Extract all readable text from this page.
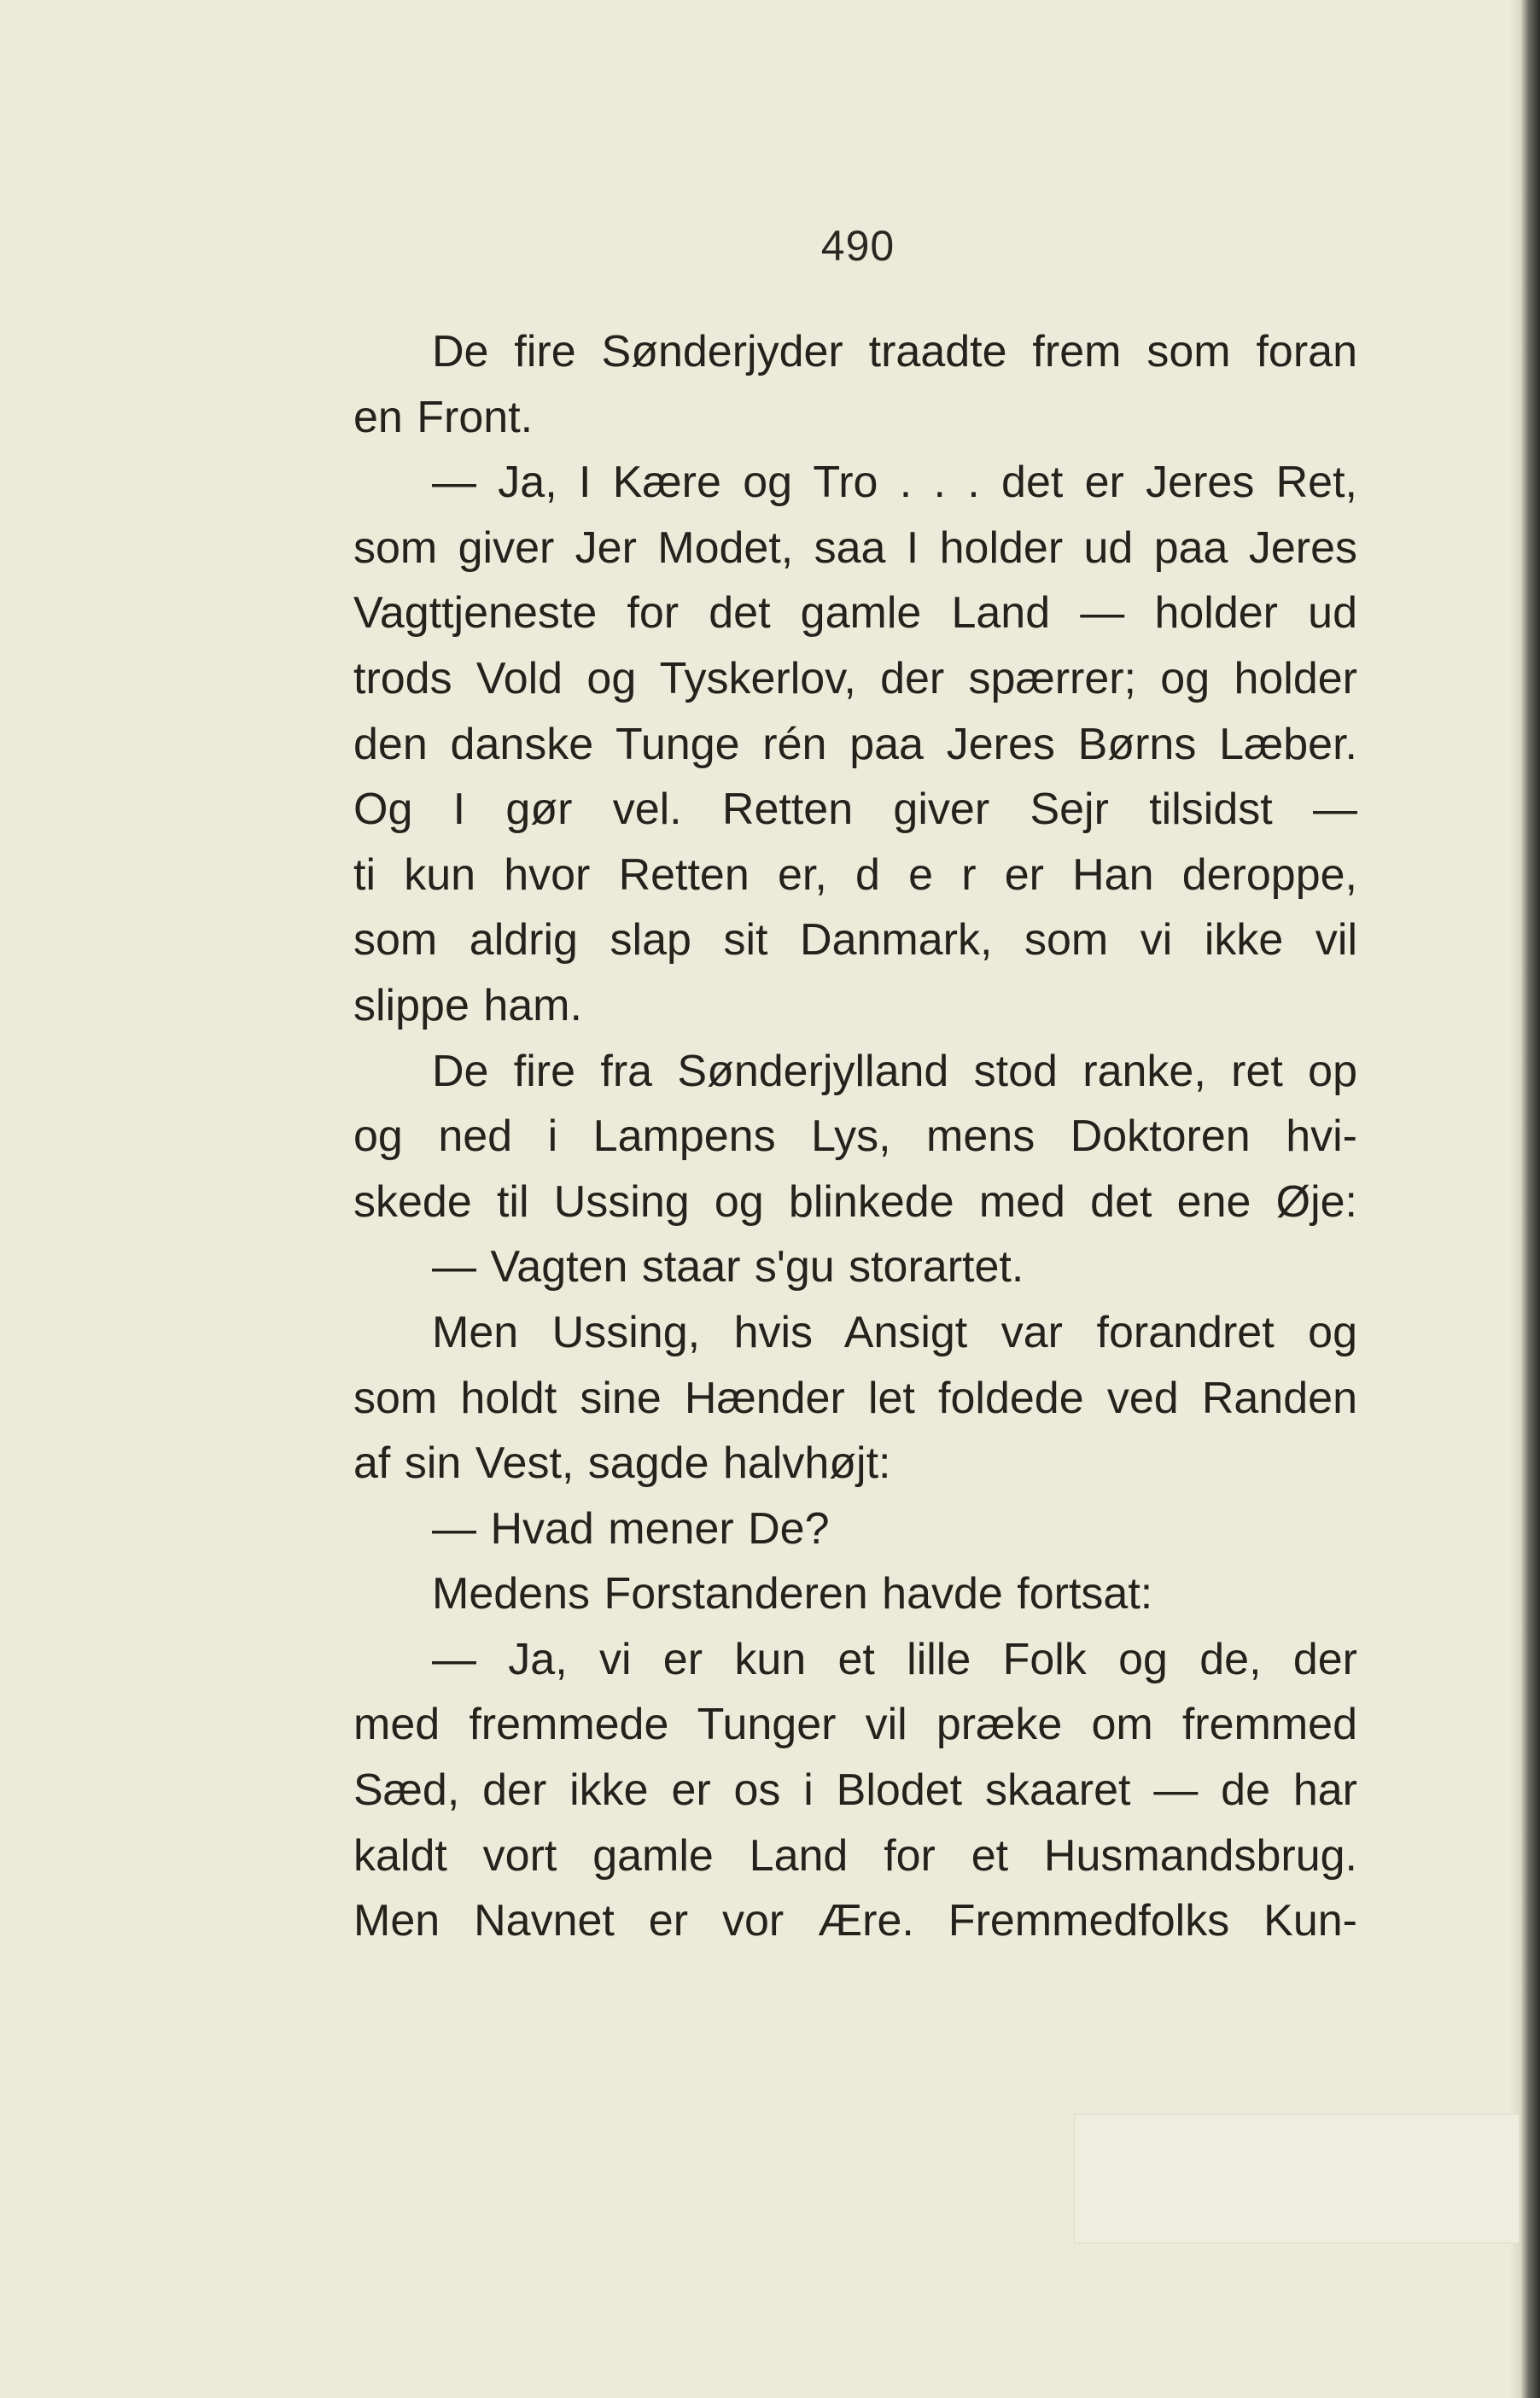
490
De fire Sønderjyder traadte frem som foran
en Front.
— Ja, I Kære og Tro . . . det er Jeres Ret,
som giver Jer Modet, saa I holder ud paa Jeres
Vagttjeneste for det gamle Land — holder ud
trods Vold og Tyskerlov, der spærrer; og holder
den danske Tunge rén paa Jeres Børns Læber.
Og I gør vel. Retten giver Sejr tilsidst —
ti kun hvor Retten er, d e r er Han deroppe,
som aldrig slap sit Danmark, som vi ikke vil
slippe ham.
De fire fra Sønderjylland stod ranke, ret op
og ned i Lampens Lys, mens Doktoren hvi-
skede til Ussing og blinkede med det ene Øje:
— Vagten staar s'gu storartet.
Men Ussing, hvis Ansigt var forandret og
som holdt sine Hænder let foldede ved Randen
af sin Vest, sagde halvhøjt:
— Hvad mener De?
Medens Forstanderen havde fortsat:
— Ja, vi er kun et lille Folk og de, der
med fremmede Tunger vil præke om fremmed
Sæd, der ikke er os i Blodet skaaret — de har
kaldt vort gamle Land for et Husmandsbrug.
Men Navnet er vor Ære. Fremmedfolks Kun-
